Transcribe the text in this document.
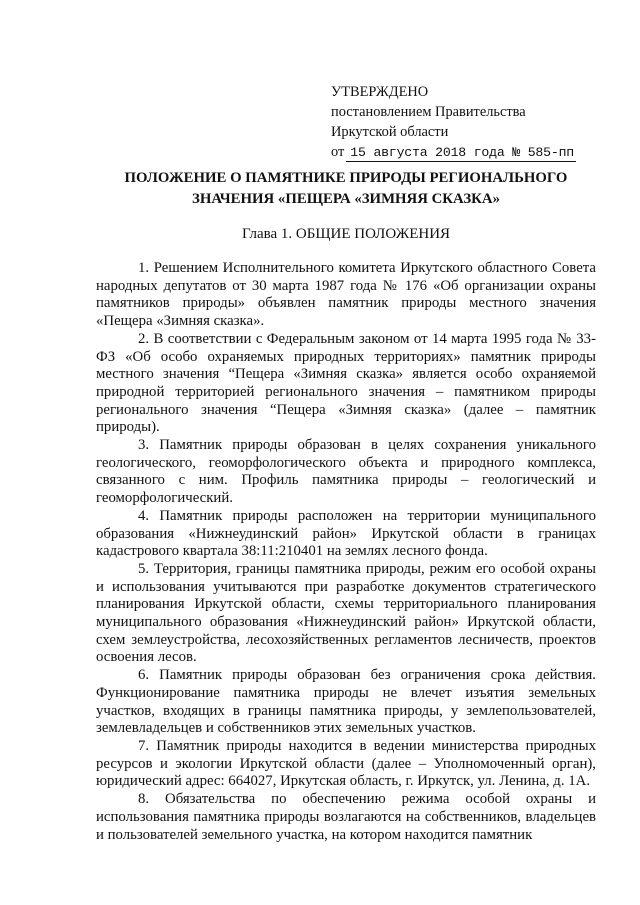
УТВЕРЖДЕНО
постановлением Правительства
Иркутской области
от 15 августа 2018 года № 585-пп
ПОЛОЖЕНИЕ О ПАМЯТНИКЕ ПРИРОДЫ РЕГИОНАЛЬНОГО
ЗНАЧЕНИЯ «ПЕЩЕРА «ЗИМНЯЯ СКАЗКА»
Глава 1. ОБЩИЕ ПОЛОЖЕНИЯ

1. Решением Исполнительного комитета Иркутского областного Совета народных депутатов от 30 марта 1987 года № 176 «Об организации охраны памятников природы» объявлен памятник природы местного значения «Пещера «Зимняя сказка».

2. В соответствии с Федеральным законом от 14 марта 1995 года № 33-ФЗ «Об особо охраняемых природных территориях» памятник природы местного значения “Пещера «Зимняя сказка» является особо охраняемой природной территорией регионального значения – памятником природы регионального значения “Пещера «Зимняя сказка» (далее – памятник природы).

3. Памятник природы образован в целях сохранения уникального геологического, геоморфологического объекта и природного комплекса, связанного с ним. Профиль памятника природы – геологический и геоморфологический.

4. Памятник природы расположен на территории муниципального образования «Нижнеудинский район» Иркутской области в границах кадастрового квартала 38:11:210401 на землях лесного фонда.

5. Территория, границы памятника природы, режим его особой охраны и использования учитываются при разработке документов стратегического планирования Иркутской области, схемы территориального планирования муниципального образования «Нижнеудинский район» Иркутской области, схем землеустройства, лесохозяйственных регламентов лесничеств, проектов освоения лесов.

6. Памятник природы образован без ограничения срока действия. Функционирование памятника природы не влечет изъятия земельных участков, входящих в границы памятника природы, у землепользователей, землевладельцев и собственников этих земельных участков.

7. Памятник природы находится в ведении министерства природных ресурсов и экологии Иркутской области (далее – Уполномоченный орган), юридический адрес: 664027, Иркутская область, г. Иркутск, ул. Ленина, д. 1А.

8. Обязательства по обеспечению режима особой охраны и использования памятника природы возлагаются на собственников, владельцев и пользователей земельного участка, на котором находится памятник
